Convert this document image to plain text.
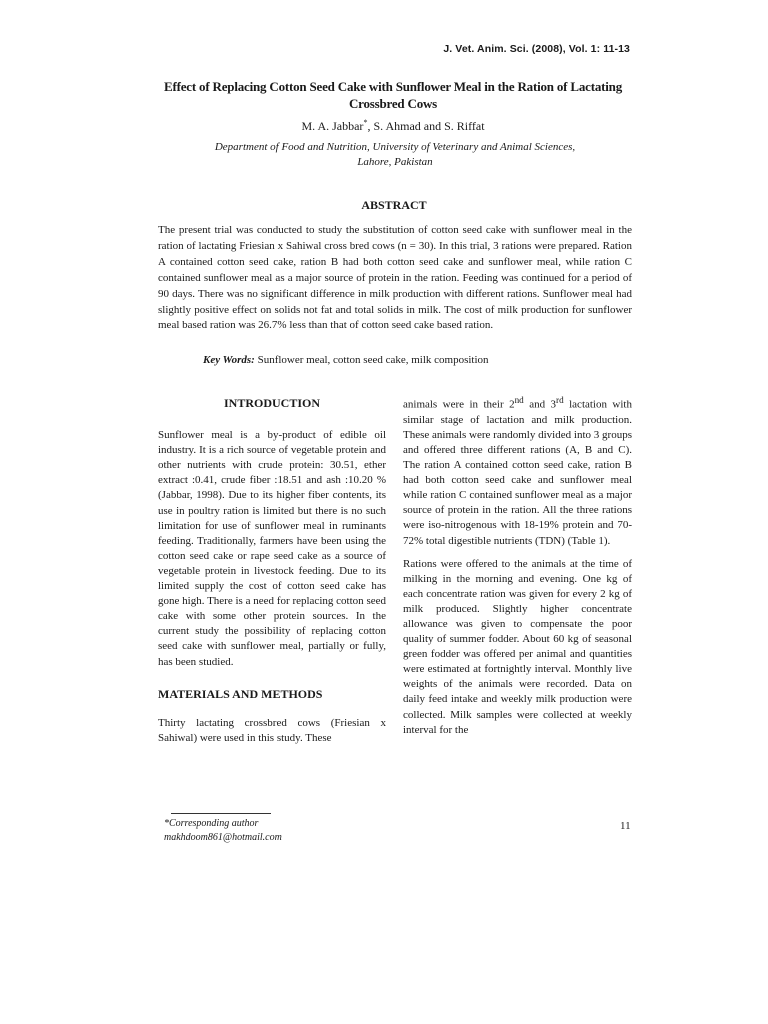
J. Vet. Anim. Sci. (2008), Vol. 1: 11-13
Effect of Replacing Cotton Seed Cake with Sunflower Meal in the Ration of Lactating Crossbred Cows
M. A. Jabbar*, S. Ahmad and S. Riffat
Department of Food and Nutrition, University of Veterinary and Animal Sciences, Lahore, Pakistan
ABSTRACT

The present trial was conducted to study the substitution of cotton seed cake with sunflower meal in the ration of lactating Friesian x Sahiwal cross bred cows (n = 30). In this trial, 3 rations were prepared. Ration A contained cotton seed cake, ration B had both cotton seed cake and sunflower meal, while ration C contained sunflower meal as a major source of protein in the ration. Feeding was continued for a period of 90 days. There was no significant difference in milk production with different rations. Sunflower meal had slightly positive effect on solids not fat and total solids in milk. The cost of milk production for sunflower meal based ration was 26.7% less than that of cotton seed cake based ration.

Key Words: Sunflower meal, cotton seed cake, milk composition
INTRODUCTION

Sunflower meal is a by-product of edible oil industry. It is a rich source of vegetable protein and other nutrients with crude protein: 30.51, ether extract :0.41, crude fiber :18.51 and ash :10.20 % (Jabbar, 1998). Due to its higher fiber contents, its use in poultry ration is limited but there is no such limitation for use of sunflower meal in ruminants feeding. Traditionally, farmers have been using the cotton seed cake or rape seed cake as a source of vegetable protein in livestock feeding. Due to its limited supply the cost of cotton seed cake has gone high. There is a need for replacing cotton seed cake with some other protein sources. In the current study the possibility of replacing cotton seed cake with sunflower meal, partially or fully, has been studied.

MATERIALS AND METHODS

Thirty lactating crossbred cows (Friesian x Sahiwal) were used in this study. These

animals were in their 2nd and 3rd lactation with similar stage of lactation and milk production. These animals were randomly divided into 3 groups and offered three different rations (A, B and C). The ration A contained cotton seed cake, ration B had both cotton seed cake and sunflower meal while ration C contained sunflower meal as a major source of protein in the ration. All the three rations were iso-nitrogenous with 18-19% protein and 70-72% total digestible nutrients (TDN) (Table 1).

Rations were offered to the animals at the time of milking in the morning and evening. One kg of each concentrate ration was given for every 2 kg of milk produced. Slightly higher concentrate allowance was given to compensate the poor quality of summer fodder. About 60 kg of seasonal green fodder was offered per animal and quantities were estimated at fortnightly interval. Monthly live weights of the animals were recorded. Data on daily feed intake and weekly milk production were collected. Milk samples were collected at weekly interval for the

*Corresponding author
makhdoom861@hotmail.com
11
